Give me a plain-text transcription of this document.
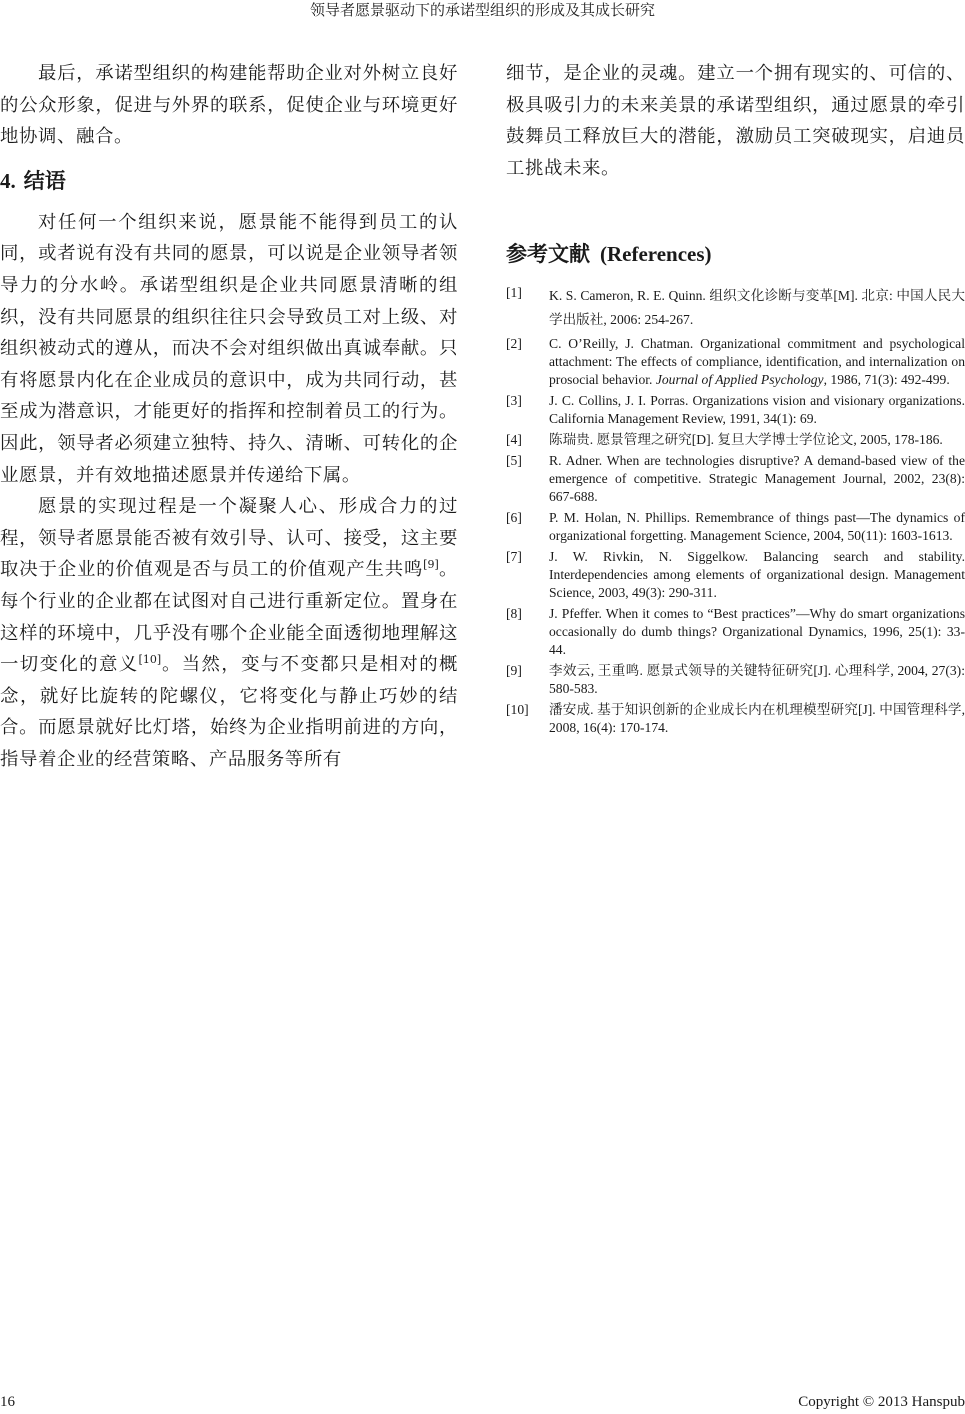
领导者愿景驱动下的承诺型组织的形成及其成长研究

最后，承诺型组织的构建能帮助企业对外树立良好的公众形象，促进与外界的联系，促使企业与环境更好地协调、融合。

4. 结语

对任何一个组织来说，愿景能不能得到员工的认同，或者说有没有共同的愿景，可以说是企业领导者领导力的分水岭。承诺型组织是企业共同愿景清晰的组织，没有共同愿景的组织往往只会导致员工对上级、对组织被动式的遵从，而决不会对组织做出真诚奉献。只有将愿景内化在企业成员的意识中，成为共同行动，甚至成为潜意识，才能更好的指挥和控制着员工的行为。因此，领导者必须建立独特、持久、清晰、可转化的企业愿景，并有效地描述愿景并传递给下属。

愿景的实现过程是一个凝聚人心、形成合力的过程，领导者愿景能否被有效引导、认可、接受，这主要取决于企业的价值观是否与员工的价值观产生共鸣[9]。每个行业的企业都在试图对自己进行重新定位。置身在这样的环境中，几乎没有哪个企业能全面透彻地理解这一切变化的意义[10]。当然，变与不变都只是相对的概念，就好比旋转的陀螺仪，它将变化与静止巧妙的结合。而愿景就好比灯塔，始终为企业指明前进的方向，指导着企业的经营策略、产品服务等所有

细节，是企业的灵魂。建立一个拥有现实的、可信的、极具吸引力的未来美景的承诺型组织，通过愿景的牵引鼓舞员工释放巨大的潜能，激励员工突破现实，启迪员工挑战未来。

参考文献 (References)
[1]	K. S. Cameron, R. E. Quinn. 组织文化诊断与变革[M]. 北京: 中国人民大学出版社, 2006: 254-267.
[2]	C. O’Reilly, J. Chatman. Organizational commitment and psychological attachment: The effects of compliance, identification, and internalization on prosocial behavior. Journal of Applied Psychology, 1986, 71(3): 492-499.
[3]	J. C. Collins, J. I. Porras. Organizations vision and visionary organizations. California Management Review, 1991, 34(1): 69.
[4]	陈瑞贵. 愿景管理之研究[D]. 复旦大学博士学位论文, 2005, 178-186.
[5]	R. Adner. When are technologies disruptive? A demand-based view of the emergence of competitive. Strategic Management Journal, 2002, 23(8): 667-688.
[6]	P. M. Holan, N. Phillips. Remembrance of things past—The dynamics of organizational forgetting. Management Science, 2004, 50(11): 1603-1613.
[7]	J. W. Rivkin, N. Siggelkow. Balancing search and stability. Interdependencies among elements of organizational design. Management Science, 2003, 49(3): 290-311.
[8]	J. Pfeffer. When it comes to “Best practices”—Why do smart organizations occasionally do dumb things? Organizational Dynamics, 1996, 25(1): 33-44.
[9]	李效云, 王重鸣. 愿景式领导的关键特征研究[J]. 心理科学, 2004, 27(3): 580-583.
[10]	潘安成. 基于知识创新的企业成长内在机理模型研究[J]. 中国管理科学, 2008, 16(4): 170-174.
16	Copyright © 2013 Hanspub
